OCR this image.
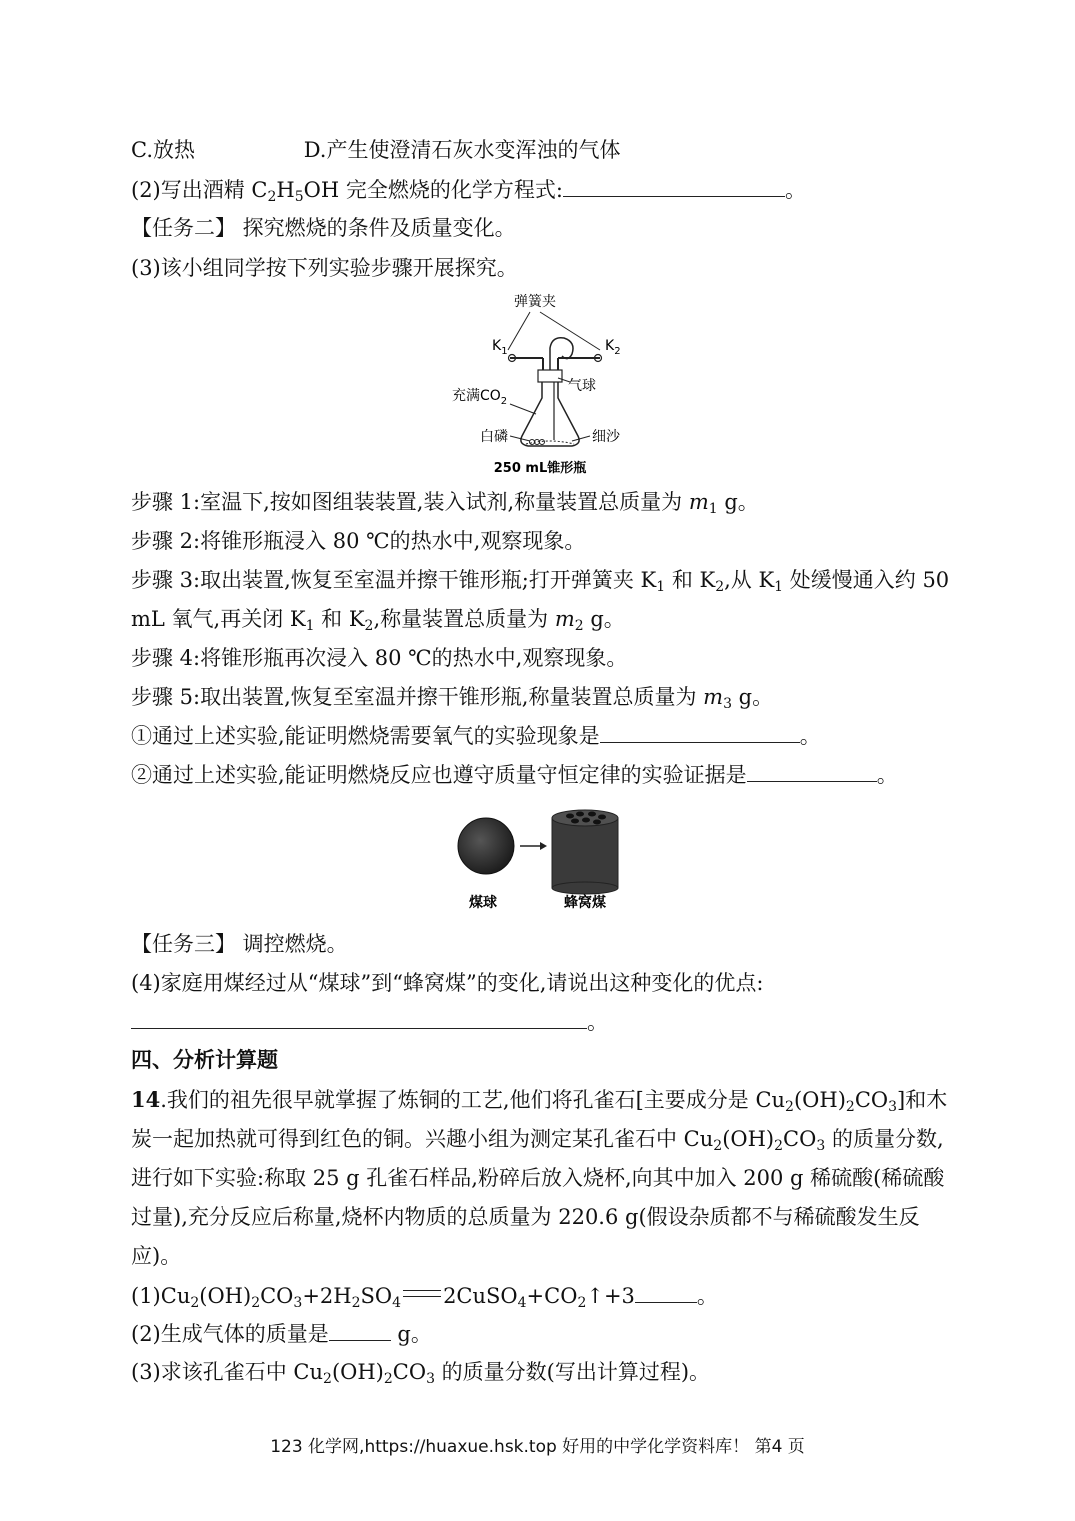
C.放热	D.产生使澄清石灰水变浑浊的气体
(2)写出酒精 $C_2H_5OH$ 完全燃烧的化学方程式:	。
【任务二】 探究燃烧的条件及质量变化。
(3)该小组同学按下列实验步骤开展探究。
弹簧夹
$K_1$	$K_2$
气球
充满$CO_2$
白磷	细沙
250 mL锥形瓶
步骤 1:室温下,按如图组装装置,装入试剂,称量装置总质量为 $m_1$ g。
步骤 2:将锥形瓶浸入 80 ℃的热水中,观察现象。
步骤 3:取出装置,恢复至室温并擦干锥形瓶;打开弹簧夹 $K_1$ 和 $K_2$,从 $K_1$ 处缓慢通入约 50
mL 氧气,再关闭 $K_1$ 和 $K_2$,称量装置总质量为 $m_2$ g。
步骤 4:将锥形瓶再次浸入 80 ℃的热水中,观察现象。
步骤 5:取出装置,恢复至室温并擦干锥形瓶,称量装置总质量为 $m_3$ g。
①通过上述实验,能证明燃烧需要氧气的实验现象是	。
②通过上述实验,能证明燃烧反应也遵守质量守恒定律的实验证据是	。
煤球	蜂窝煤
【任务三】 调控燃烧。
(4)家庭用煤经过从“煤球”到“蜂窝煤”的变化,请说出这种变化的优点:
。
四、分析计算题
14.我们的祖先很早就掌握了炼铜的工艺,他们将孔雀石[主要成分是 $Cu_2(OH)_2CO_3$]和木
炭一起加热就可得到红色的铜。兴趣小组为测定某孔雀石中 $Cu_2(OH)_2CO_3$ 的质量分数,
进行如下实验:称取 25 g 孔雀石样品,粉碎后放入烧杯,向其中加入 200 g 稀硫酸(稀硫酸
过量),充分反应后称量,烧杯内物质的总质量为 220.6 g(假设杂质都不与稀硫酸发生反
应)。
$(1)Cu_2(OH)_2CO_3+2H_2SO_4$ $2CuSO_4+CO_2↑+3$	。
(2)生成气体的质量是	g。
(3)求该孔雀石中 $Cu_2(OH)_2CO_3$ 的质量分数(写出计算过程)。
123 化学网,https://huaxue.hsk.top 好用的中学化学资料库！ 第4 页
